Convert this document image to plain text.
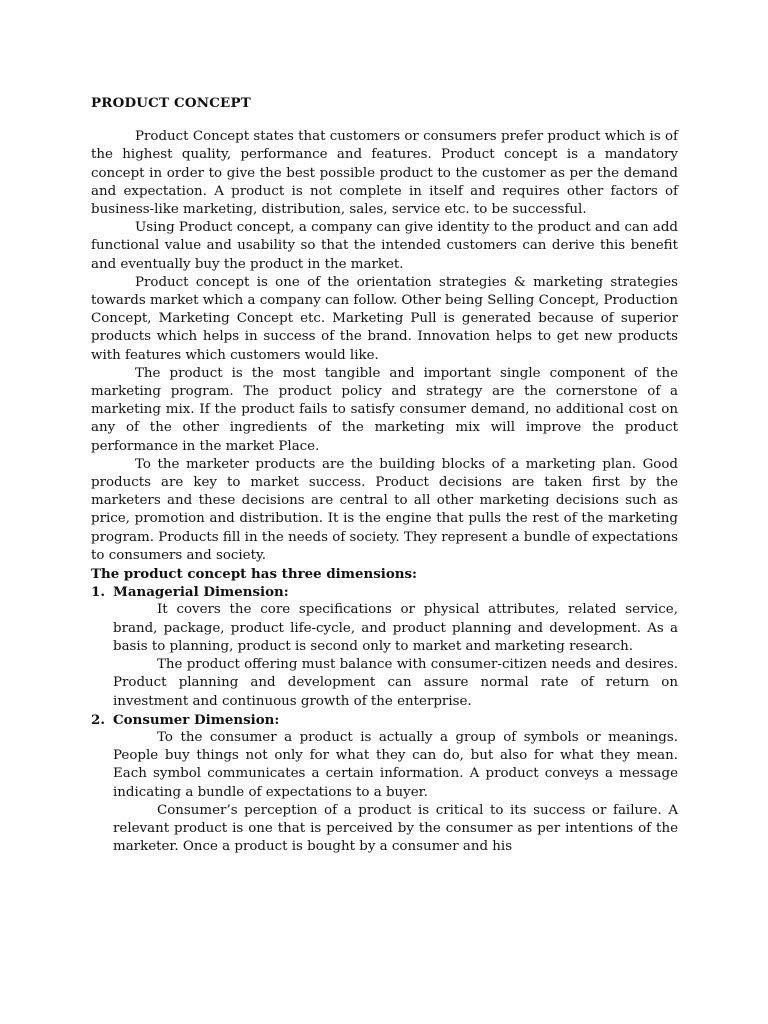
PRODUCT CONCEPT

Product Concept states that customers or consumers prefer product which is of the highest quality, performance and features. Product concept is a mandatory concept in order to give the best possible product to the customer as per the demand and expectation. A product is not complete in itself and requires other factors of business-like marketing, distribution, sales, service etc. to be successful.

Using Product concept, a company can give identity to the product and can add functional value and usability so that the intended customers can derive this benefit and eventually buy the product in the market.

Product concept is one of the orientation strategies & marketing strategies towards market which a company can follow. Other being Selling Concept, Production Concept, Marketing Concept etc. Marketing Pull is generated because of superior products which helps in success of the brand. Innovation helps to get new products with features which customers would like.

The product is the most tangible and important single component of the marketing program. The product policy and strategy are the cornerstone of a marketing mix. If the product fails to satisfy consumer demand, no additional cost on any of the other ingredients of the marketing mix will improve the product performance in the market Place.

To the marketer products are the building blocks of a marketing plan. Good products are key to market success. Product decisions are taken first by the marketers and these decisions are central to all other marketing decisions such as price, promotion and distribution. It is the engine that pulls the rest of the marketing program. Products fill in the needs of society. They represent a bundle of expectations to consumers and society.

The product concept has three dimensions:
1. Managerial Dimension:

It covers the core specifications or physical attributes, related service, brand, package, product life-cycle, and product planning and development. As a basis to planning, product is second only to market and marketing research.

The product offering must balance with consumer-citizen needs and desires. Product planning and development can assure normal rate of return on investment and continuous growth of the enterprise.

2. Consumer Dimension:

To the consumer a product is actually a group of symbols or meanings. People buy things not only for what they can do, but also for what they mean. Each symbol communicates a certain information. A product conveys a message indicating a bundle of expectations to a buyer.

Consumer’s perception of a product is critical to its success or failure. A relevant product is one that is perceived by the consumer as per intentions of the marketer. Once a product is bought by a consumer and his
